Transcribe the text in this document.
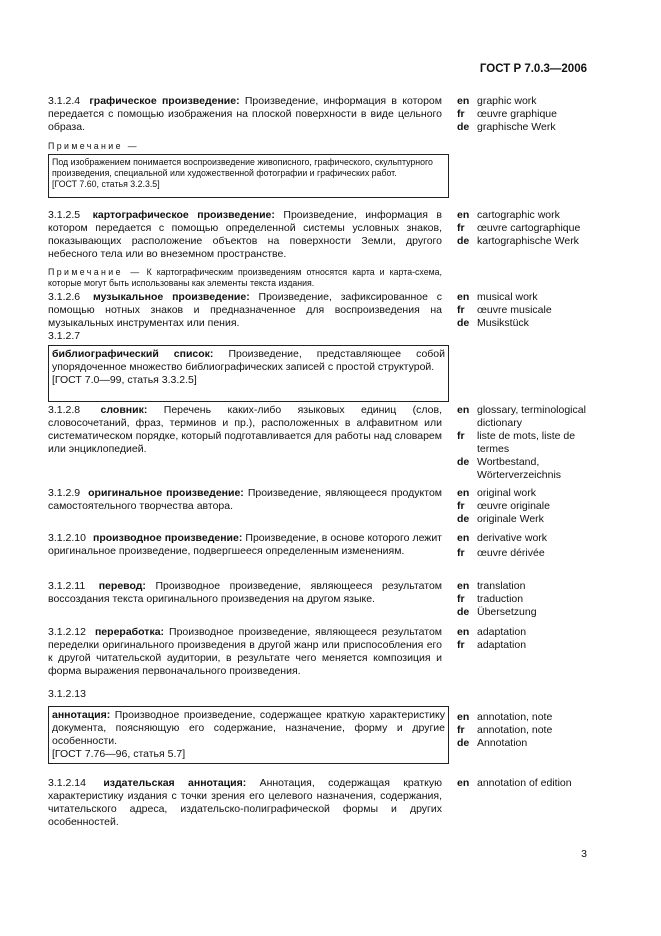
ГОСТ Р 7.0.3—2006
3.1.2.4 графическое произведение: Произведение, информация в котором передается с помощью изображения на плоской поверхности в виде цельного образа.
en graphic work
fr	œuvre graphique
de graphische Werk
Примечание —
Под изображением понимается воспроизведение живописного, графического, скульптурного произведения, специальной или художественной фотографии и графических работ.
[ГОСТ 7.60, статья 3.2.3.5]
3.1.2.5 картографическое произведение: Произведение, информация в котором передается с помощью определенной системы условных знаков, показывающих расположение объектов на поверхности Земли, другого небесного тела или во внеземном пространстве.
en cartographic work
fr	œuvre cartographique
de kartographische Werk
Примечание — К картографическим произведениям относятся карта и карта-схема, которые могут быть использованы как элементы текста издания.
3.1.2.6 музыкальное произведение: Произведение, зафиксированное с помощью нотных знаков и предназначенное для воспроизведения на музыкальных инструментах или пения.
en musical work
fr	œuvre musicale
de Musikstück
3.1.2.7
библиографический список: Произведение, представляющее собой упорядоченное множество библиографических записей с простой структурой.
[ГОСТ 7.0—99, статья 3.3.2.5]
3.1.2.8 словник: Перечень каких-либо языковых единиц (слов, словосочетаний, фраз, терминов и пр.), расположенных в алфавитном или систематическом порядке, который подготавливается для работы над словарем или энциклопедией.
en glossary, terminological dictionary
fr	liste de mots, liste de termes
de Wortbestand, Wörterverzeichnis
3.1.2.9 оригинальное произведение: Произведение, являющееся продуктом самостоятельного творчества автора.
en original work
fr	œuvre originale
de originale Werk
3.1.2.10 производное произведение: Произведение, в основе которого лежит оригинальное произведение, подвергшееся определенным изменениям.
en derivative work
fr	œuvre dérivée
3.1.2.11 перевод: Производное произведение, являющееся результатом воссоздания текста оригинального произведения на другом языке.
en translation
fr	traduction
de Übersetzung
3.1.2.12 переработка: Производное произведение, являющееся результатом переделки оригинального произведения в другой жанр или приспособления его к другой читательской аудитории, в результате чего меняется композиция и форма выражения первоначального произведения.
en adaptation
fr	adaptation
3.1.2.13
аннотация: Производное произведение, содержащее краткую характеристику документа, поясняющую его содержание, назначение, форму и другие особенности.
[ГОСТ 7.76—96, статья 5.7]
en annotation, note
fr	annotation, note
de Annotation
3.1.2.14 издательская аннотация: Аннотация, содержащая краткую характеристику издания с точки зрения его целевого назначения, содержания, читательского адреса, издательско-полиграфической формы и других особенностей.
en annotation of edition
3
